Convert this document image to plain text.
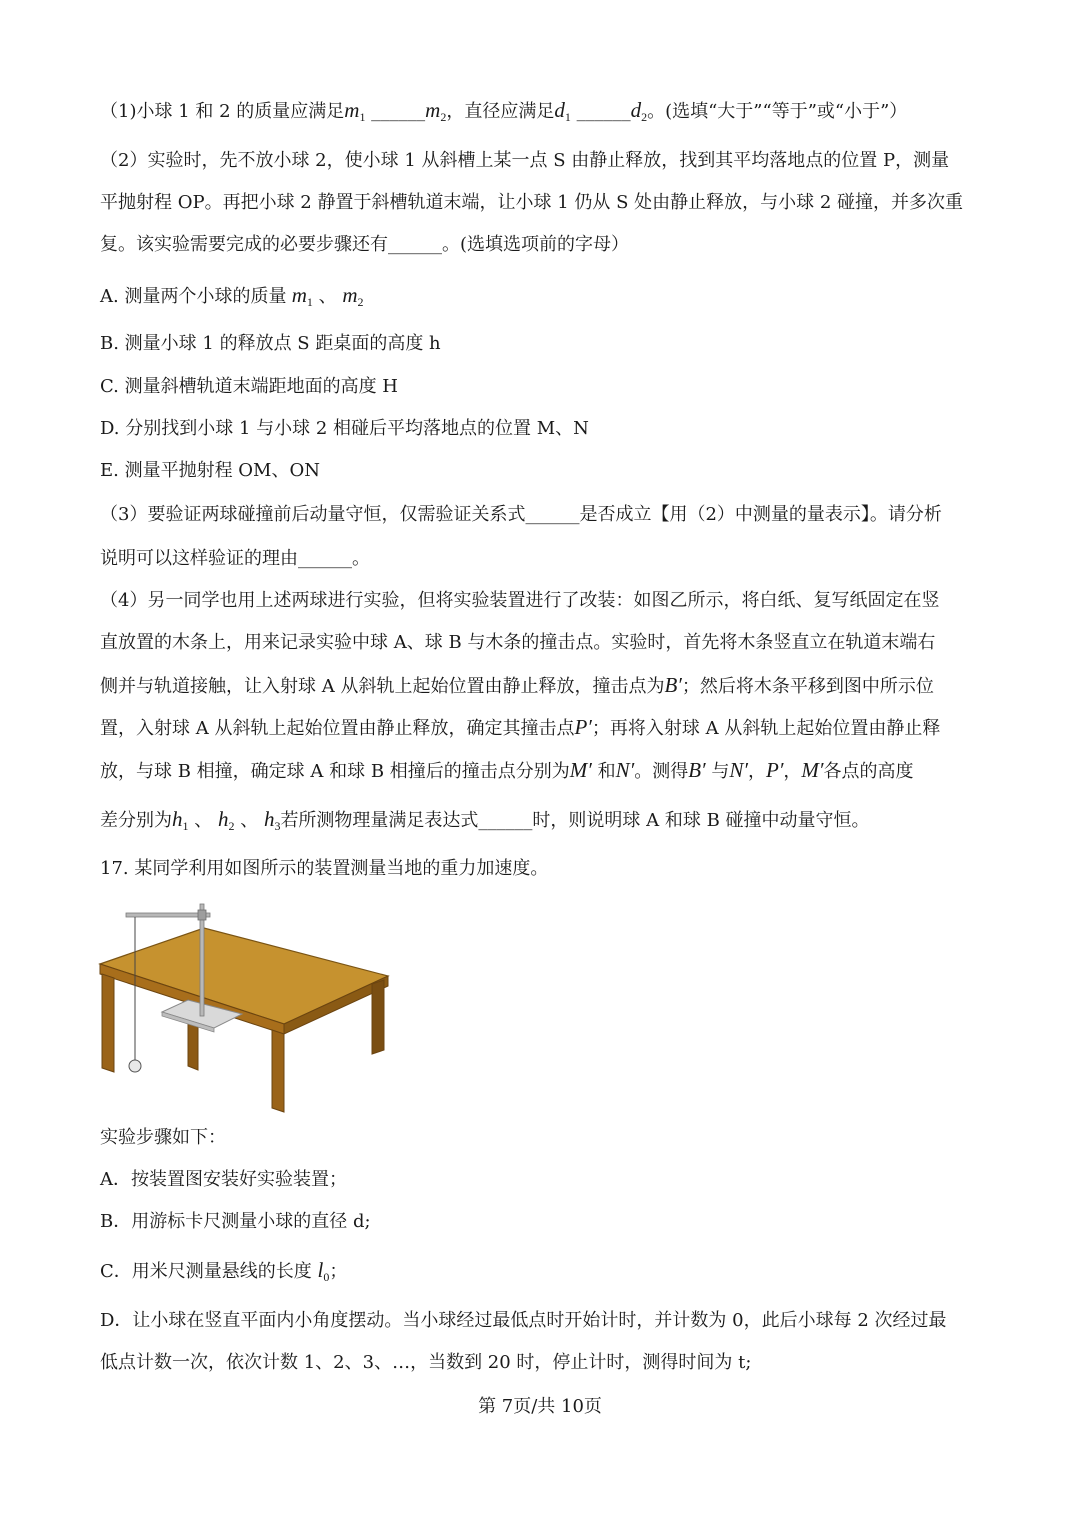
（1)小球 1 和 2 的质量应满足$m_1$ $\_\_\_\_\_\_m_2$，直径应满足$d_1$ $\_\_\_\_\_\_d_2$。(选填“大于”“等于”或“小于”）
（2）实验时，先不放小球 2，使小球 1 从斜槽上某一点 S 由静止释放，找到其平均落地点的位置 P，测量
平抛射程 OP。再把小球 2 静置于斜槽轨道末端，让小球 1 仍从 S 处由静止释放，与小球 2 碰撞，并多次重
复。该实验需要完成的必要步骤还有______。(选填选项前的字母）
A. 测量两个小球的质量 $m_1$ 、 $m_2$
B. 测量小球 1 的释放点 S 距桌面的高度 h
C. 测量斜槽轨道末端距地面的高度 H
D. 分别找到小球 1 与小球 2 相碰后平均落地点的位置 M、N
E. 测量平抛射程 OM、ON
（3）要验证两球碰撞前后动量守恒，仅需验证关系式______是否成立【用（2）中测量的量表示】。请分析
说明可以这样验证的理由______。
（4）另一同学也用上述两球进行实验，但将实验装置进行了改装：如图乙所示，将白纸、复写纸固定在竖
直放置的木条上，用来记录实验中球 A、球 B 与木条的撞击点。实验时，首先将木条竖直立在轨道末端右
侧并与轨道接触，让入射球 A 从斜轨上起始位置由静止释放，撞击点为B′；然后将木条平移到图中所示位
置，入射球 A 从斜轨上起始位置由静止释放，确定其撞击点P′；再将入射球 A 从斜轨上起始位置由静止释
放，与球 B 相撞，确定球 A 和球 B 相撞后的撞击点分别为M′ 和N′。测得B′ 与N′，P′，M′各点的高度
差分别为$h_1$ 、 $h_2$ 、 $h_3$若所测物理量满足表达式______时，则说明球 A 和球 B 碰撞中动量守恒。
17. 某同学利用如图所示的装置测量当地的重力加速度。
实验步骤如下：
A．按装置图安装好实验装置；
B．用游标卡尺测量小球的直径 d;
C．用米尺测量悬线的长度 $l_0$；
D．让小球在竖直平面内小角度摆动。当小球经过最低点时开始计时，并计数为 0，此后小球每 2 次经过最
低点计数一次，依次计数 1、2、3、…，当数到 20 时，停止计时，测得时间为 t;
第 7页/共 10页
